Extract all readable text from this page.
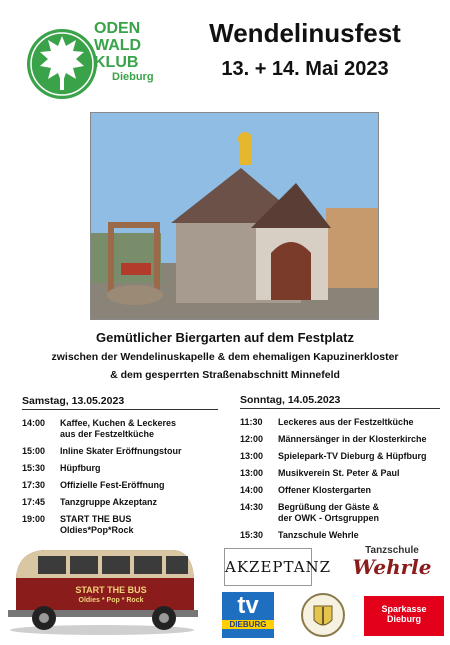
ODEN
WALD
KLUB
Dieburg
Wendelinusfest
13. + 14. Mai 2023
Gemütlicher Biergarten auf dem Festplatz
zwischen der Wendelinuskapelle & dem ehemaligen Kapuzinerkloster
& dem gesperrten Straßenabschnitt Minnefeld
Samstag, 13.05.2023
14:00	Kaffee, Kuchen & Leckeres
aus der Festzeltküche
15:00	Inline Skater Eröffnungstour
15:30	Hüpfburg
17:30	Offizielle Fest-Eröffnung
17:45	Tanzgruppe Akzeptanz
19:00	START THE BUS
Oldies*Pop*Rock
Sonntag, 14.05.2023
11:30	Leckeres aus der Festzeltküche
12:00	Männersänger in der Klosterkirche
13:00	Spielepark-TV Dieburg & Hüpfburg
13:00	Musikverein St. Peter & Paul
14:00	Offener Klostergarten
14:30	Begrüßung der Gäste &
der OWK - Ortsgruppen
15:30	Tanzschule Wehrle
START THE BUS
Oldies * Pop * Rock
AKZEPTANZ
Tanzschule
Wehrle
tv
DIEBURG
Sparkasse
Dieburg
